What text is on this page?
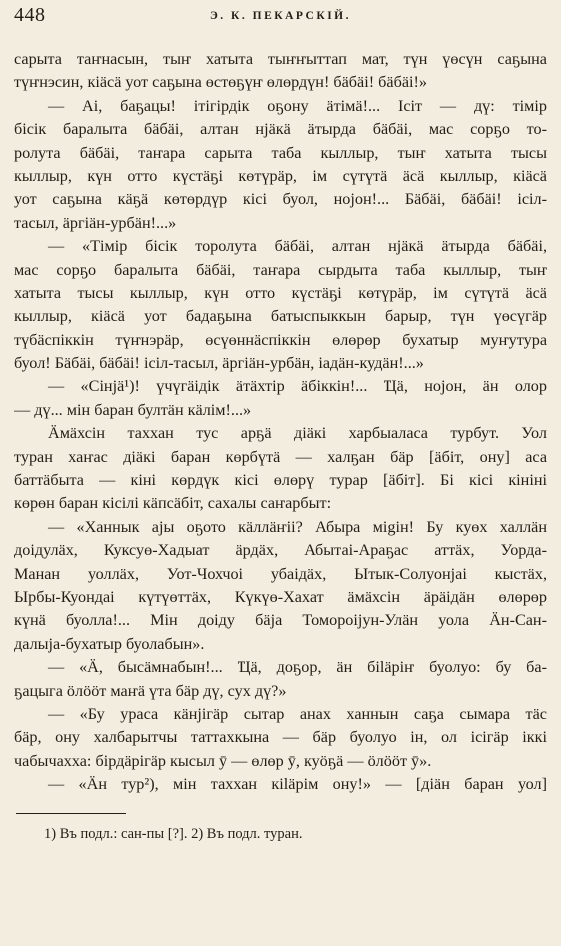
448	Э. К. ПЕКАРСКІЙ.
сарыта таҥнасын, тыҥ хатыта тыҥҥыттап мат, түн үөсүн саҕына
түҥнэсин, кіäсä уот саҕына өстөҕүҥ өлөрдүн! бäбäі! бäбäі!»
— Аі, баҕацы! ітігірдік оҕону äтімä!... Ісіт — дү: тімір
бісік баралыта бäбäі, алтан нјäкä äтырда бäбäі, мас сорҕо то-
ролута бäбäі, таҥара сарыта таба кыллыр, тыҥ хатыта тысы
кыллыр, күн отто күстäҕі көтүрäр, ім сүтүтä äсä кыллыр, кіäсä
уот саҕына кäҕä көтөрдүр кісі буол, нојон!... Бäбäі, бäбäі! ісіл-
тасыл, äргіäн-урбäн!...»
— «Тімір бісік торолута бäбäі, алтан нјäкä äтырда бäбäі,
мас сорҕо баралыта бäбäі, таҥара сырдыта таба кыллыр, тыҥ
хатыта тысы кыллыр, күн отто күстäҕі көтүрäр, ім сүтүтä äсä
кыллыр, кіäсä уот бадаҕына батыспыккын барыр, түн үөсүгäр
түбäспіккін түҥнэрäр, өсүөннäспіккін өлөрөр бухатыр муҥутура
буол! Бäбäі, бäбäі! ісіл-тасыл, äргіäн-урбäн, іадäн-кудäн!...»
— «Сінјä¹)! үчүгäідік äтäхтір äбіккін!... Ҵä, нојон, äн олор
— дү... мін баран бултäн кäлім!...»
Äмäхсін таххан тус арҕä діäкі харбыалаcа турбут. Уол
туран хаҥас діäкі баран көрбүтä — халҕан бäр [äбіт, ону] аса
баттäбыта — кіні көрдүк кісі өлөрү турар [äбіт]. Бі кісі кініні
көрөн баран кісілі кäпсäбіт, сахалы саҥарбыт:
— «Ханнык ајы оҕото кäллäҥіі? Абыра міgін! Бу куөх халлäн
доідулäх, Куксуө-Хадыат äрдäх, Абытаі-Араҕас аттäх, Уорда-
Манан уоллäх, Уот-Чохчоі убаідäх, Ытык-Солуонјаі кыстäх,
Ырбы-Куондаі күтүөттäх, Күкүө-Хахат äмäхсін äрäідäн өлөрөр
күнä буолла!... Мін доіду бäја Томороіјун-Улäн уола Äн-Сан-
далыја-бухатыр буолабын».
— «Ä, бысäмнабын!... Ҵä, доҕор, äн біläрiҥ буолуо: бу ба-
ҕацыга öлööт маҥä үта бäр дү, сух дү?»
— «Бу ураса кäнјігäр сытар анах ханнын саҕа сымара тäс
бäр, ону халбарытчы таттахкына — бäр буолуо ін, ол ісігäр іккі
чабычахха: бірдäрігäр кысыл ӯ — өлөр ӯ, куöҕä — öлööт ӯ».
— «Äн тур²), мін таххан кіläрім ону!» — [діäн баран уол]
1) Въ подл.: сан-пы [?]. 2) Въ подл. туран.
